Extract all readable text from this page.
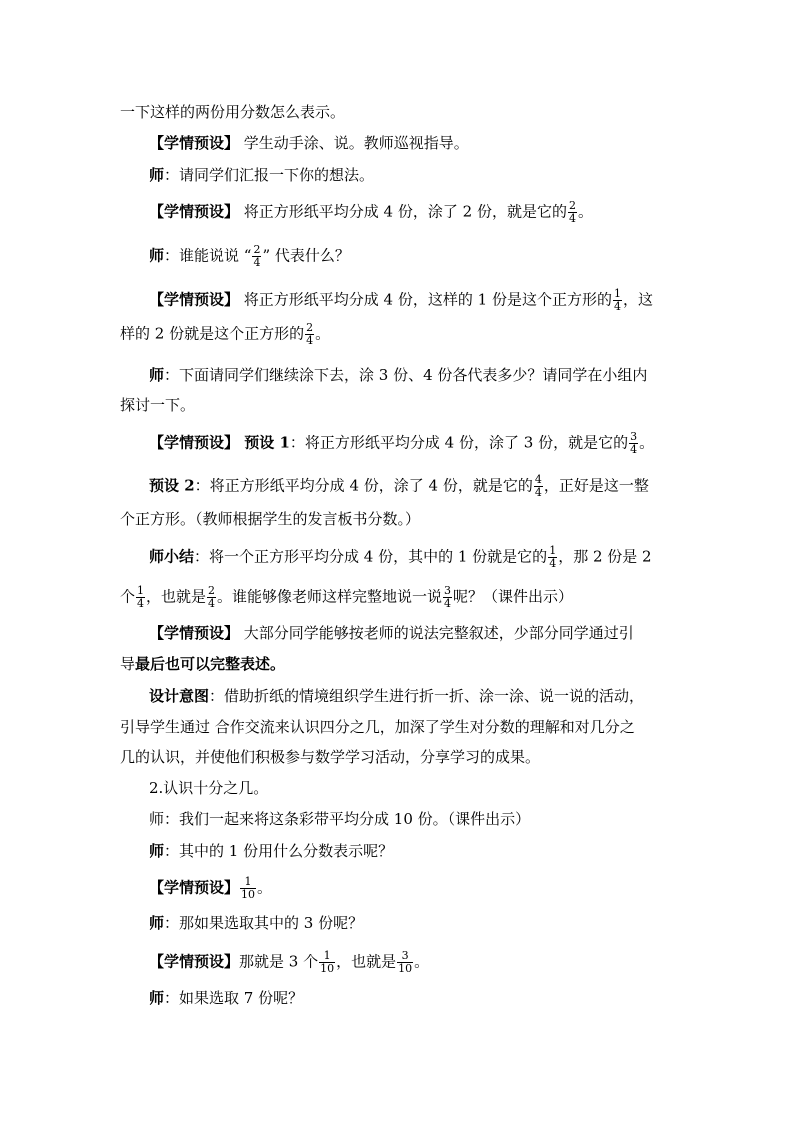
一下这样的两份用分数怎么表示。
【学情预设】 学生动手涂、说。教师巡视指导。
师：请同学们汇报一下你的想法。
【学情预设】 将正方形纸平均分成 4 份，涂了 2 份，就是它的 $\frac{2}{4}$ 。
师：谁能说说 “ $\frac{2}{4}$ ” 代表什么？
【学情预设】 将正方形纸平均分成 4 份，这样的 1 份是这个正方形的 $\frac{1}{4}$ ，这
样的 2 份就是这个正方形的 $\frac{2}{4}$ 。
师：下面请同学们继续涂下去，涂 3 份、4 份各代表多少？请同学在小组内
探讨一下。
【学情预设】 预设 1：将正方形纸平均分成 4 份，涂了 3 份，就是它的 $\frac{3}{4}$ 。
预设 2：将正方形纸平均分成 4 份，涂了 4 份，就是它的 $\frac{4}{4}$ ，正好是这一整
个正方形。（教师根据学生的发言板书分数。）
师小结：将一个正方形平均分成 4 份，其中的 1 份就是它的 $\frac{1}{4}$ ，那 2 份是 2
个 $\frac{1}{4}$ ，也就是 $\frac{2}{4}$ 。谁能够像老师这样完整地说一说 $\frac{3}{4}$ 呢？（课件出示）
【学情预设】 大部分同学能够按老师的说法完整叙述，少部分同学通过引
导最后也可以完整表述。
设计意图：借助折纸的情境组织学生进行折一折、涂一涂、说一说的活动，
引导学生通过 合作交流来认识四分之几，加深了学生对分数的理解和对几分之
几的认识，并使他们积极参与数学学习活动，分享学习的成果。
2.认识十分之几。
师：我们一起来将这条彩带平均分成 10 份。（课件出示）
师：其中的 1 份用什么分数表示呢？
【学情预设】 $\frac{1}{10}$ 。
师：那如果选取其中的 3 份呢？
【学情预设】那就是 3 个 $\frac{1}{10}$ ，也就是 $\frac{3}{10}$ 。
师：如果选取 7 份呢？
